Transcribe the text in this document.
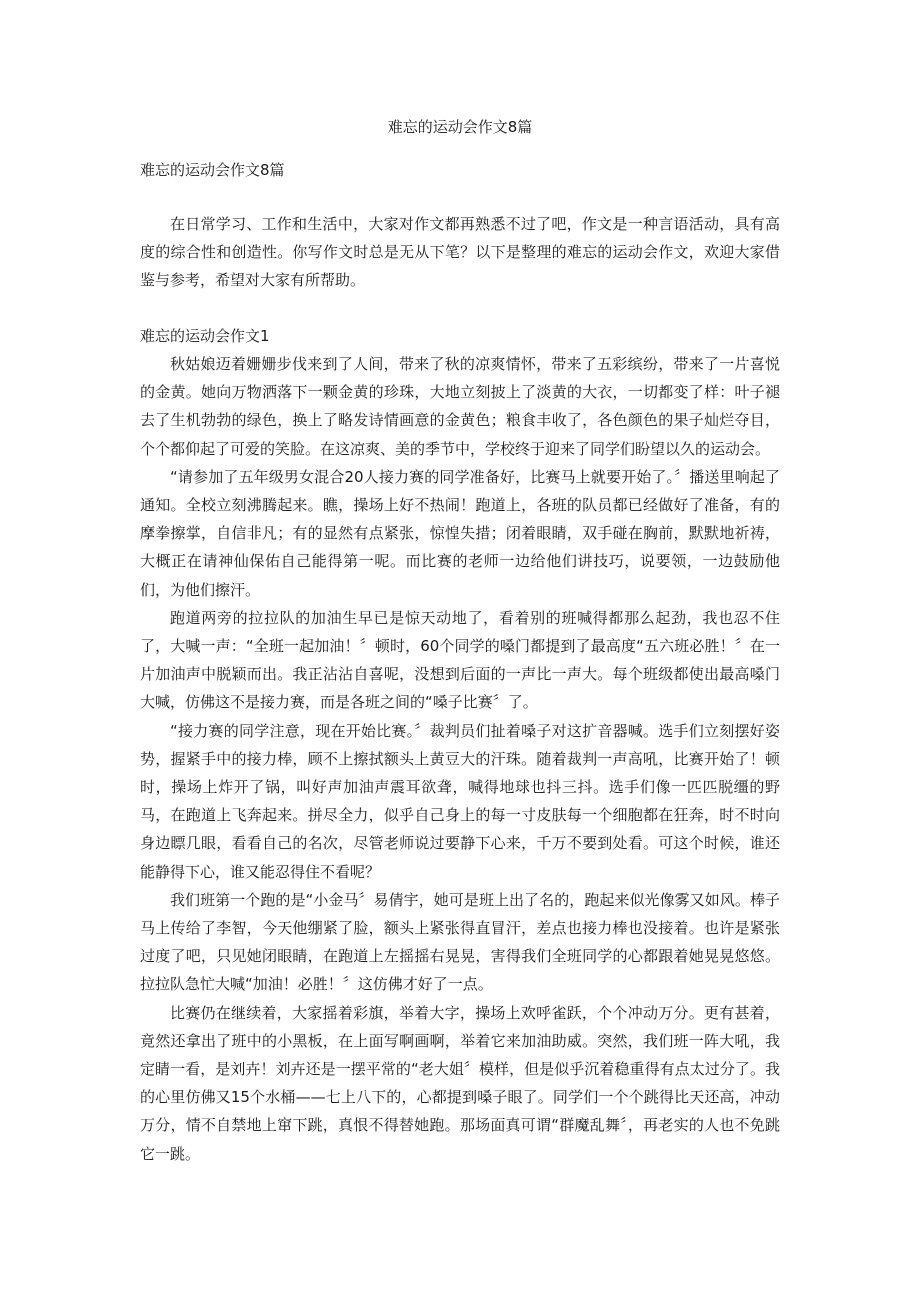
难忘的运动会作文8篇

难忘的运动会作文8篇

在日常学习、工作和生活中，大家对作文都再熟悉不过了吧，作文是一种言语活动，具有高度的综合性和创造性。你写作文时总是无从下笔？以下是整理的难忘的运动会作文，欢迎大家借鉴与参考，希望对大家有所帮助。

难忘的运动会作文1

秋姑娘迈着姗姗步伐来到了人间，带来了秋的凉爽情怀，带来了五彩缤纷，带来了一片喜悦的金黄。她向万物洒落下一颗金黄的珍珠，大地立刻披上了淡黄的大衣，一切都变了样：叶子褪去了生机勃勃的绿色，换上了略发诗情画意的金黄色；粮食丰收了，各色颜色的果子灿烂夺目，个个都仰起了可爱的笑脸。在这凉爽、美的季节中，学校终于迎来了同学们盼望以久的运动会。

“请参加了五年级男女混合20人接力赛的同学准备好，比赛马上就要开始了。〞播送里响起了通知。全校立刻沸腾起来。瞧，操场上好不热闹！跑道上，各班的队员都已经做好了准备，有的摩拳擦掌，自信非凡；有的显然有点紧张，惊惶失措；闭着眼睛，双手碰在胸前，默默地祈祷，大概正在请神仙保佑自己能得第一呢。而比赛的老师一边给他们讲技巧，说要领，一边鼓励他们，为他们擦汗。

跑道两旁的拉拉队的加油生早已是惊天动地了，看着别的班喊得都那么起劲，我也忍不住了，大喊一声：“全班一起加油！〞顿时，60个同学的嗓门都提到了最高度“五六班必胜！〞在一片加油声中脱颖而出。我正沾沾自喜呢，没想到后面的一声比一声大。每个班级都使出最高嗓门大喊，仿佛这不是接力赛，而是各班之间的“嗓子比赛〞了。

“接力赛的同学注意，现在开始比赛。〞裁判员们扯着嗓子对这扩音器喊。选手们立刻摆好姿势，握紧手中的接力棒，顾不上擦拭额头上黄豆大的汗珠。随着裁判一声高吼，比赛开始了！顿时，操场上炸开了锅，叫好声加油声震耳欲聋，喊得地球也抖三抖。选手们像一匹匹脱缰的野马，在跑道上飞奔起来。拼尽全力，似乎自己身上的每一寸皮肤每一个细胞都在狂奔，时不时向身边瞟几眼，看看自己的名次，尽管老师说过要静下心来，千万不要到处看。可这个时候，谁还能静得下心，谁又能忍得住不看呢？

我们班第一个跑的是“小金马〞易倩宇，她可是班上出了名的，跑起来似光像雾又如风。棒子马上传给了李智，今天他绷紧了脸，额头上紧张得直冒汗，差点也接力棒也没接着。也许是紧张过度了吧，只见她闭眼睛，在跑道上左摇摇右晃晃，害得我们全班同学的心都跟着她晃晃悠悠。拉拉队急忙大喊“加油！必胜！〞这仿佛才好了一点。

比赛仍在继续着，大家摇着彩旗，举着大字，操场上欢呼雀跃，个个冲动万分。更有甚着，竟然还拿出了班中的小黑板，在上面写啊画啊，举着它来加油助威。突然，我们班一阵大吼，我定睛一看，是刘卉！刘卉还是一摆平常的“老大姐〞模样，但是似乎沉着稳重得有点太过分了。我的心里仿佛又15个水桶——七上八下的，心都提到嗓子眼了。同学们一个个跳得比天还高，冲动万分，情不自禁地上窜下跳，真恨不得替她跑。那场面真可谓“群魔乱舞〞，再老实的人也不免跳它一跳。
